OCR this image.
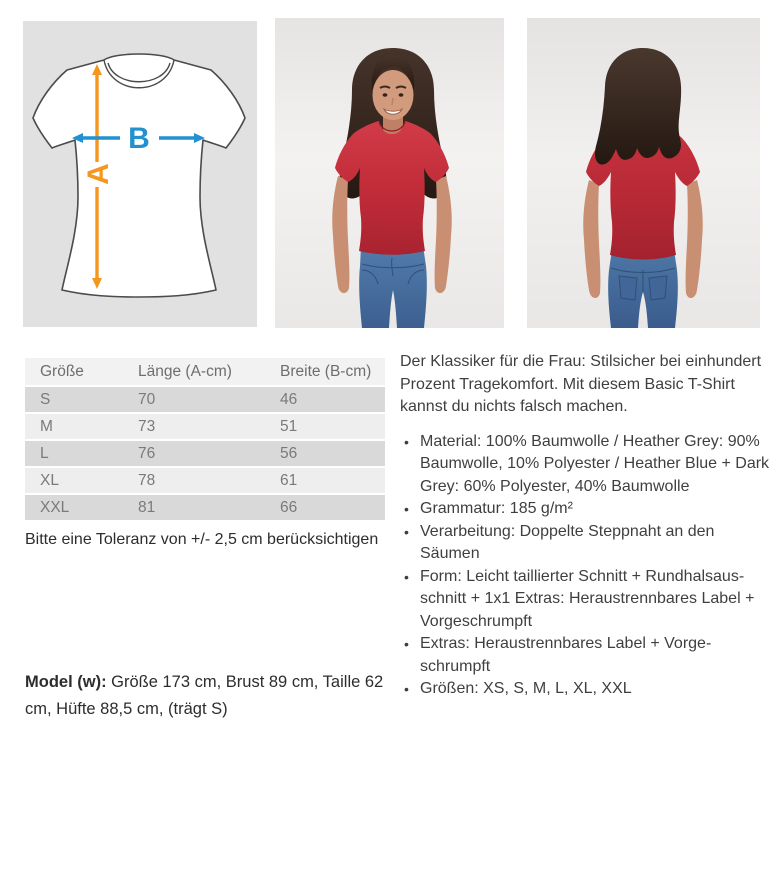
A
B
Größe	Länge (A-cm)	Breite (B-cm)
S	70	46
M	73	51
L	76	56
XL	78	61
XXL	81	66

Bitte eine Toleranz von +/- 2,5 cm berücksichtigen

Model (w): Größe 173 cm, Brust 89 cm, Taille 62 cm, Hüfte 88,5 cm, (trägt S)

Der Klassiker für die Frau: Stilsicher bei einhundert Prozent Tragekomfort. Mit diesem Basic T-Shirt kannst du nichts falsch machen.

• Material: 100% Baumwolle / Heather Grey: 90% Baumwolle, 10% Polyester / Heather Blue + Dark Grey: 60% Polyester, 40% Baumwolle
• Grammatur: 185 g/m²
• Verarbeitung: Doppelte Steppnaht an den Säumen
• Form: Leicht taillierter Schnitt + Rundhalsausschnitt + 1x1 Extras: Heraustrennbares Label + Vorgeschrumpft
• Extras: Heraustrennbares Label + Vorgeschrumpft
• Größen: XS, S, M, L, XL, XXL
